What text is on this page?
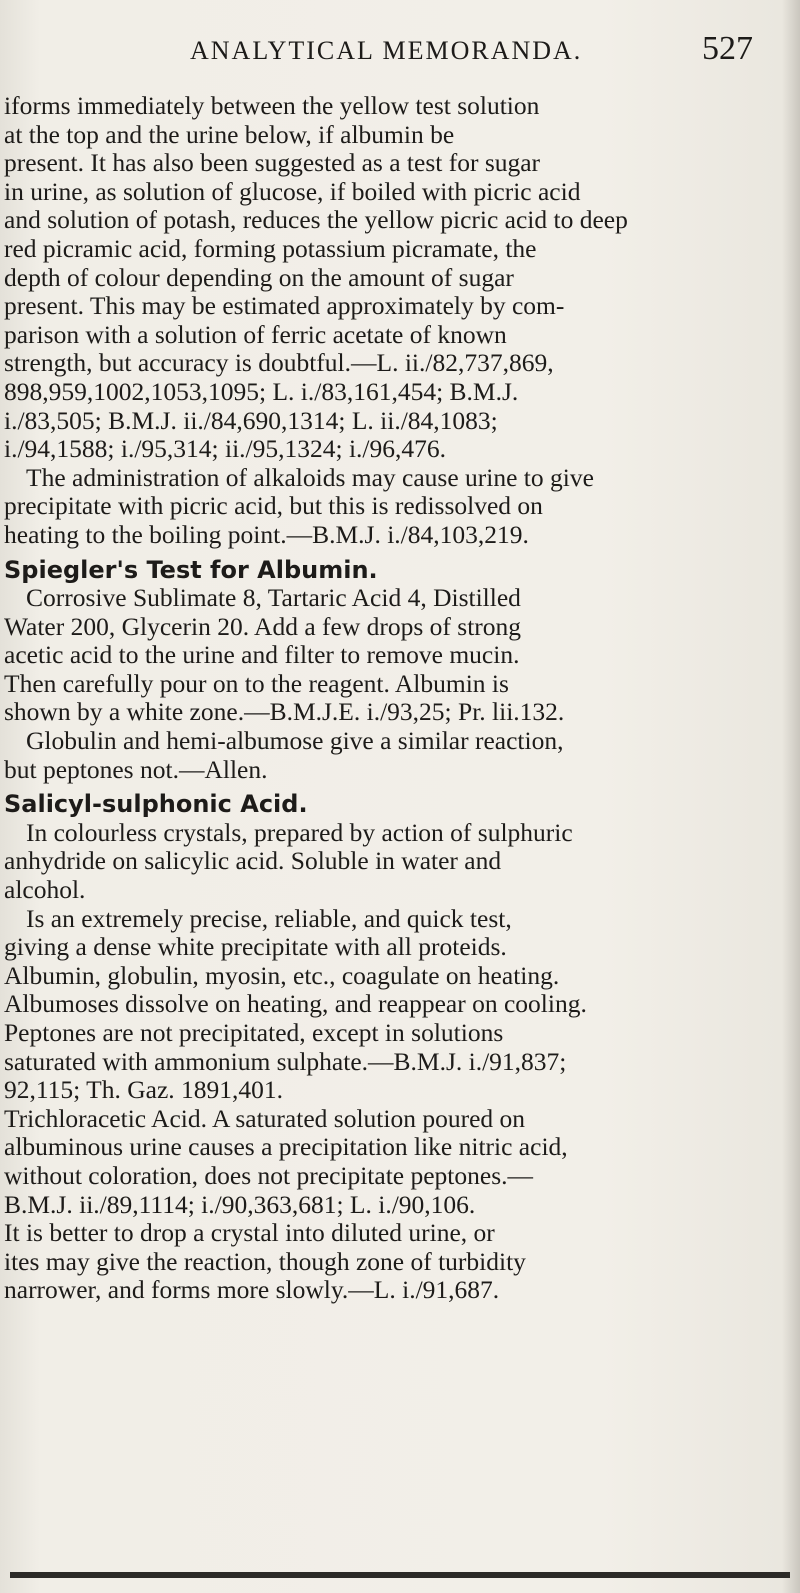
ANALYTICAL MEMORANDA.	527
iforms immediately between the yellow test solution
at the top and the urine below, if albumin be
present. It has also been suggested as a test for sugar
in urine, as solution of glucose, if boiled with picric acid
and solution of potash, reduces the yellow picric acid to deep
red picramic acid, forming potassium picramate, the
depth of colour depending on the amount of sugar
present. This may be estimated approximately by com-
parison with a solution of ferric acetate of known
strength, but accuracy is doubtful.—L. ii./82,737,869,
898,959,1002,1053,1095; L. i./83,161,454; B.M.J.
i./83,505; B.M.J. ii./84,690,1314; L. ii./84,1083;
i./94,1588; i./95,314; ii./95,1324; i./96,476.
The administration of alkaloids may cause urine to give
precipitate with picric acid, but this is redissolved on
heating to the boiling point.—B.M.J. i./84,103,219.
Spiegler's Test for Albumin.
Corrosive Sublimate 8, Tartaric Acid 4, Distilled
Water 200, Glycerin 20. Add a few drops of strong
acetic acid to the urine and filter to remove mucin.
Then carefully pour on to the reagent. Albumin is
shown by a white zone.—B.M.J.E. i./93,25; Pr. lii.132.
Globulin and hemi-albumose give a similar reaction,
but peptones not.—Allen.
Salicyl-sulphonic Acid.
In colourless crystals, prepared by action of sulphuric
anhydride on salicylic acid. Soluble in water and
alcohol.
Is an extremely precise, reliable, and quick test,
giving a dense white precipitate with all proteids.
Albumin, globulin, myosin, etc., coagulate on heating.
Albumoses dissolve on heating, and reappear on cooling.
Peptones are not precipitated, except in solutions
saturated with ammonium sulphate.—B.M.J. i./91,837;
92,115; Th. Gaz. 1891,401.
Trichloracetic Acid. A saturated solution poured on
albuminous urine causes a precipitation like nitric acid,
without coloration, does not precipitate peptones.—
B.M.J. ii./89,1114; i./90,363,681; L. i./90,106.
It is better to drop a crystal into diluted urine, or
ites may give the reaction, though zone of turbidity
narrower, and forms more slowly.—L. i./91,687.
